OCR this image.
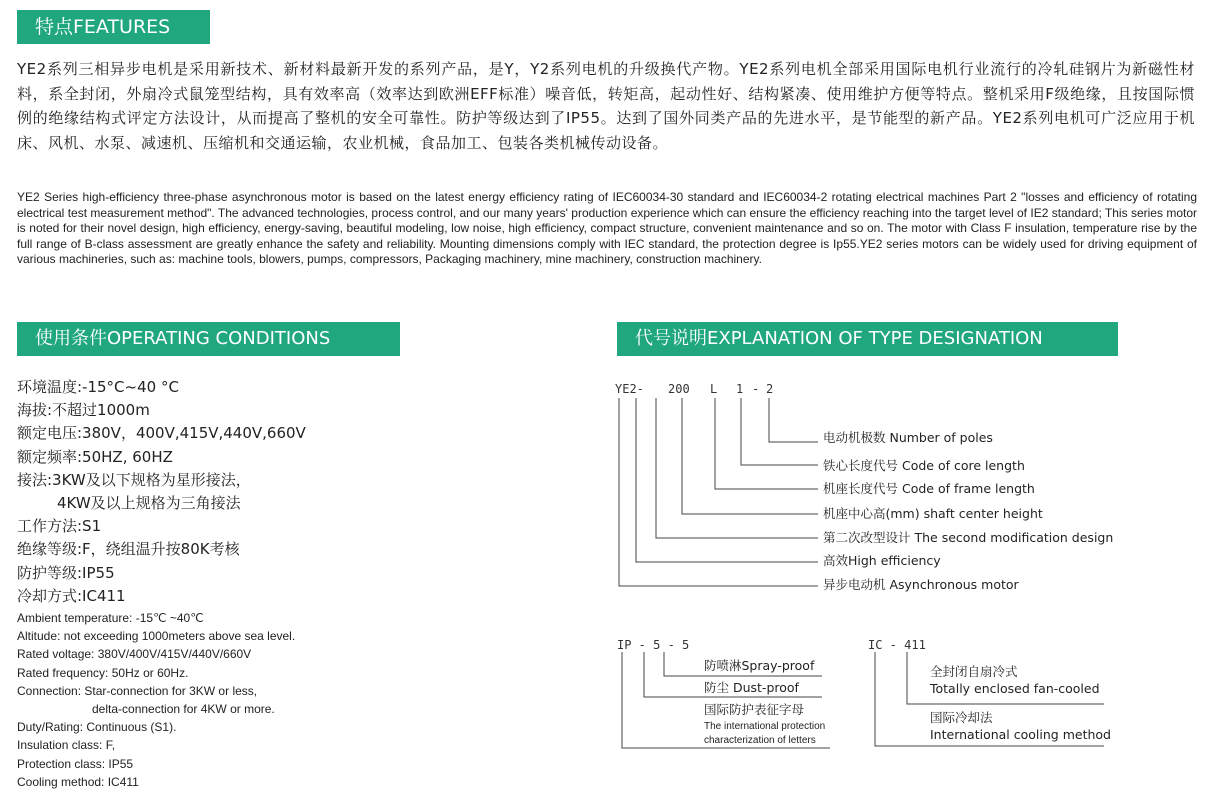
特点FEATURES
YE2系列三相异步电机是采用新技术、新材料最新开发的系列产品，是Y，Y2系列电机的升级换代产物。YE2系列电机全部采用国际电机行业流行的冷轧硅钢片为新磁性材料，系全封闭，外扇冷式鼠笼型结构，具有效率高（效率达到欧洲EFF标准）噪音低，转矩高，起动性好、结构紧凑、使用维护方便等特点。整机采用F级绝缘，且按国际惯例的绝缘结构式评定方法设计，从而提高了整机的安全可靠性。防护等级达到了IP55。达到了国外同类产品的先进水平，是节能型的新产品。YE2系列电机可广泛应用于机床、风机、水泵、减速机、压缩机和交通运输，农业机械，食品加工、包装各类机械传动设备。
YE2 Series high-efficiency three-phase asynchronous motor is based on the latest energy efficiency rating of IEC60034-30 standard and IEC60034-2 rotating electrical machines Part 2 "losses and efficiency of rotating electrical test measurement method". The advanced technologies, process control, and our many years' production experience which can ensure the efficiency reaching into the target level of IE2 standard; This series motor is noted for their novel design, high efficiency, energy-saving, beautiful modeling, low noise, high efficiency, compact structure, convenient maintenance and so on. The motor with Class F insulation, temperature rise by the full range of B-class assessment are greatly enhance the safety and reliability. Mounting dimensions comply with IEC standard, the protection degree is Ip55.YE2 series motors can be widely used for driving equipment of various machineries, such as: machine tools, blowers, pumps, compressors, Packaging machinery, mine machinery, construction machinery.
使用条件OPERATING CONDITIONS	代号说明EXPLANATION OF TYPE DESIGNATION
环境温度:-15°C~40 °C
海拔:不超过1000m
额定电压:380V，400V,415V,440V,660V
额定频率:50HZ, 60HZ
接法:3KW及以下规格为星形接法，
4KW及以上规格为三角接法
工作方法:S1
绝缘等级:F，绕组温升按80K考核
防护等级:IP55
冷却方式:IC411
Ambient temperature: -15℃ ~40℃
Altitude: not exceeding 1000meters above sea level.
Rated voltage: 380V/400V/415V/440V/660V
Rated frequency: 50Hz or 60Hz.
Connection: Star-connection for 3KW or less,
delta-connection for 4KW or more.
Duty/Rating: Continuous (S1).
Insulation class: F,
Protection class: IP55
Cooling method: IC411
YE2- 200 L 1 - 2
电动机极数 Number of poles
铁心长度代号 Code of core length
机座长度代号 Code of frame length
机座中心高(mm) shaft center height
第二次改型设计 The second modification design
高效High efficiency
异步电动机 Asynchronous motor
IP - 5 - 5
防喷淋Spray-proof
防尘 Dust-proof
国际防护表征字母
The international protection
characterization of letters
IC - 411
全封闭自扇冷式
Totally enclosed fan-cooled
国际冷却法
International cooling method
